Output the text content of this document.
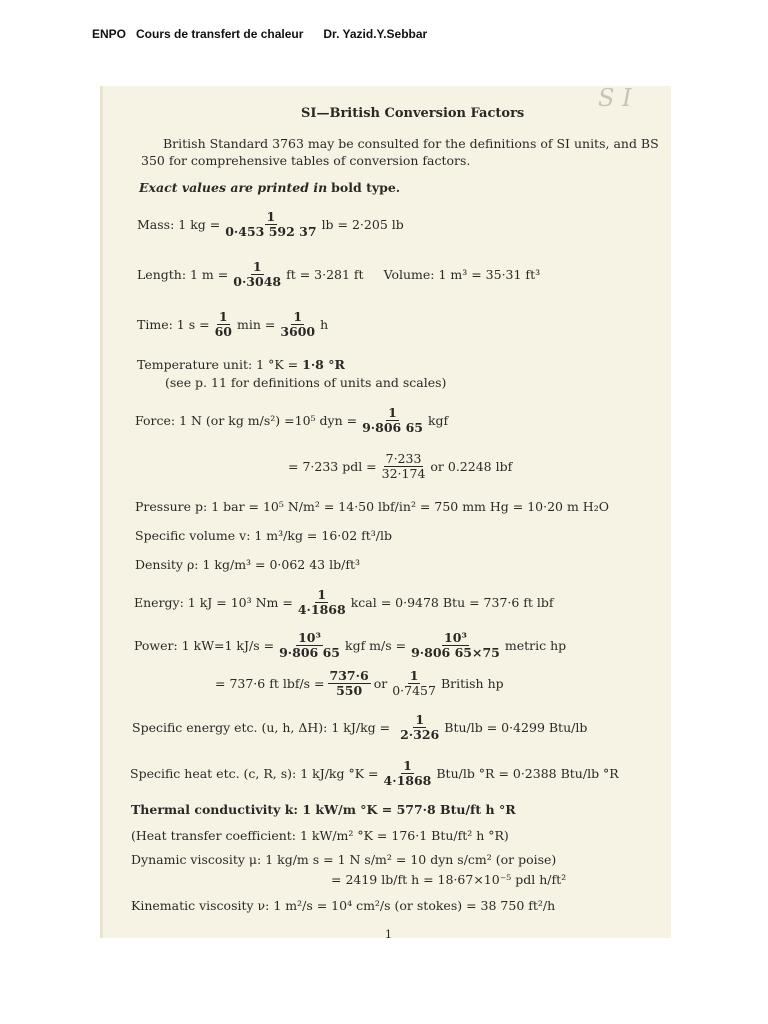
ENPO   Cours de transfert de chaleur      Dr. Yazid.Y.Sebbar
S I
SI—British Conversion Factors
British Standard 3763 may be consulted for the definitions of SI units, and BS
350 for comprehensive tables of conversion factors.
Exact values are printed in
bold type.
Mass: 1 kg = $\frac{1}{0\cdot 453 592 37}$ lb = 2·205 lb
Length: 1 $m = \frac{1}{0\cdot 3048}$ ft = 3·281 ft Volume: 1 m³ = 35·31 ft³
Time: 1 $s = \frac{1}{60}$ $\min = \frac{1}{3600}$ h
Temperature unit: 1 °K =
1·8 °R
(see p. 11 for definitions of units and scales)
Force: 1 N (or kg m/s²) =10⁵ dyn = $\frac{1}{9\cdot 806 65}$ kgf
= 7·233 pdl = $\frac{7\cdot 233}{32\cdot 174}$ or 0.2248 lbf
Pressure p: 1 bar = 10⁵ N/m² = 14·50 lbf/in² = 750 mm Hg = 10·20 m H₂O
Specific volume v: 1 m³/kg = 16·02 ft³/lb
Density ρ: 1 kg/m³ = 0·062 43 lb/ft³
Energy: 1 kJ = 10³ $Nm = \frac{1}{4\cdot 1868}$ kcal = 0·9478 Btu = 737·6 ft lbf
Power: 1 kW=1 $kJ/s = \frac{\text{10³}}{9\cdot 806 65}$ kgf $m/s = \frac{\text{10³}}{9\cdot 806 65\times 75}$ metric hp
= 737·6 ft $lbf/s = \frac{737\cdot 6}{550}$ or $\frac{1}{0\cdot 7457}$ British hp
Specific energy etc. (u, h, ΔH): 1 $kJ/kg = \frac{1}{2\cdot 326} Btu/lb = 0\cdot 4299$ Btu/lb
Specific heat etc. (c, R, s): 1 kJ/kg $^\circ K = \frac{1}{4\cdot 1868} Btu/lb$ °R = 0·2388 Btu/lb °R
Thermal conductivity k: 1 kW/m °K = 577·8 Btu/ft h °R
(Heat transfer coefficient: 1 kW/m² °K = 176·1 Btu/ft² h °R)
Dynamic viscosity μ: 1 kg/m s = 1 N s/m² = 10 dyn s/cm² (or poise)
= 2419 lb/ft h = 18·67×10⁻⁵ pdl h/ft²
Kinematic viscosity ν: 1 m²/s = 10⁴ cm²/s (or stokes) = 38 750 ft²/h
1
